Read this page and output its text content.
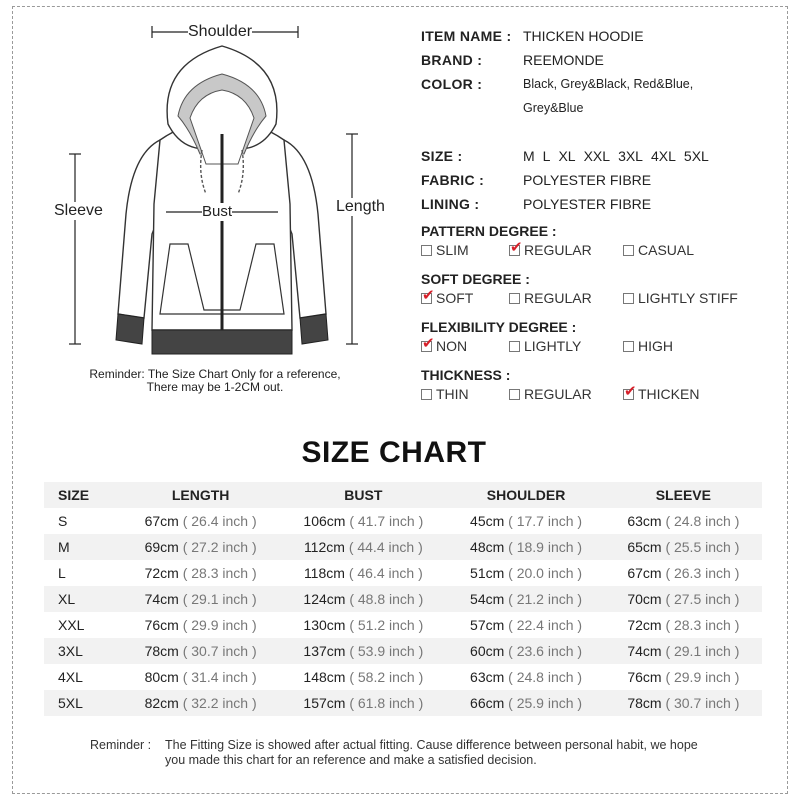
Shoulder
Sleeve	Bust	Length
Reminder: The Size Chart Only for a reference,
There may be 1-2CM out.
ITEM NAME : THICKEN HOODIE
BRAND :	REEMONDE
COLOR :	Black, Grey&Black, Red&Blue,
Grey&Blue
SIZE :	M L XL XXL 3XL 4XL 5XL
FABRIC :	POLYESTER FIBRE
LINING :	POLYESTER FIBRE
PATTERN DEGREE :
SLIM ✔	REGULAR	CASUAL
SOFT DEGREE :
✔SOFT	REGULAR	LIGHTLY STIFF
FLEXIBILITY DEGREE :
✔NON	LIGHTLY	HIGH
THICKNESS :
THIN	REGULAR ✔	THICKEN
SIZE CHART
SIZE	LENGTH	BUST	SHOULDER	SLEEVE
S	67cm ( 26.4 inch )	106cm ( 41.7 inch )	45cm ( 17.7 inch )	63cm ( 24.8 inch )
M	69cm ( 27.2 inch )	112cm ( 44.4 inch )	48cm ( 18.9 inch )	65cm ( 25.5 inch )
L	72cm ( 28.3 inch )	118cm ( 46.4 inch )	51cm ( 20.0 inch )	67cm ( 26.3 inch )
XL	74cm ( 29.1 inch )	124cm ( 48.8 inch )	54cm ( 21.2 inch )	70cm ( 27.5 inch )
XXL	76cm ( 29.9 inch )	130cm ( 51.2 inch )	57cm ( 22.4 inch )	72cm ( 28.3 inch )
3XL	78cm ( 30.7 inch )	137cm ( 53.9 inch )	60cm ( 23.6 inch )	74cm ( 29.1 inch )
4XL	80cm ( 31.4 inch )	148cm ( 58.2 inch )	63cm ( 24.8 inch )	76cm ( 29.9 inch )
5XL	82cm ( 32.2 inch )	157cm ( 61.8 inch )	66cm ( 25.9 inch )	78cm ( 30.7 inch )
Reminder : The Fitting Size is showed after actual fitting. Cause difference between personal habit, we hope
you made this chart for an reference and make a satisfied decision.
